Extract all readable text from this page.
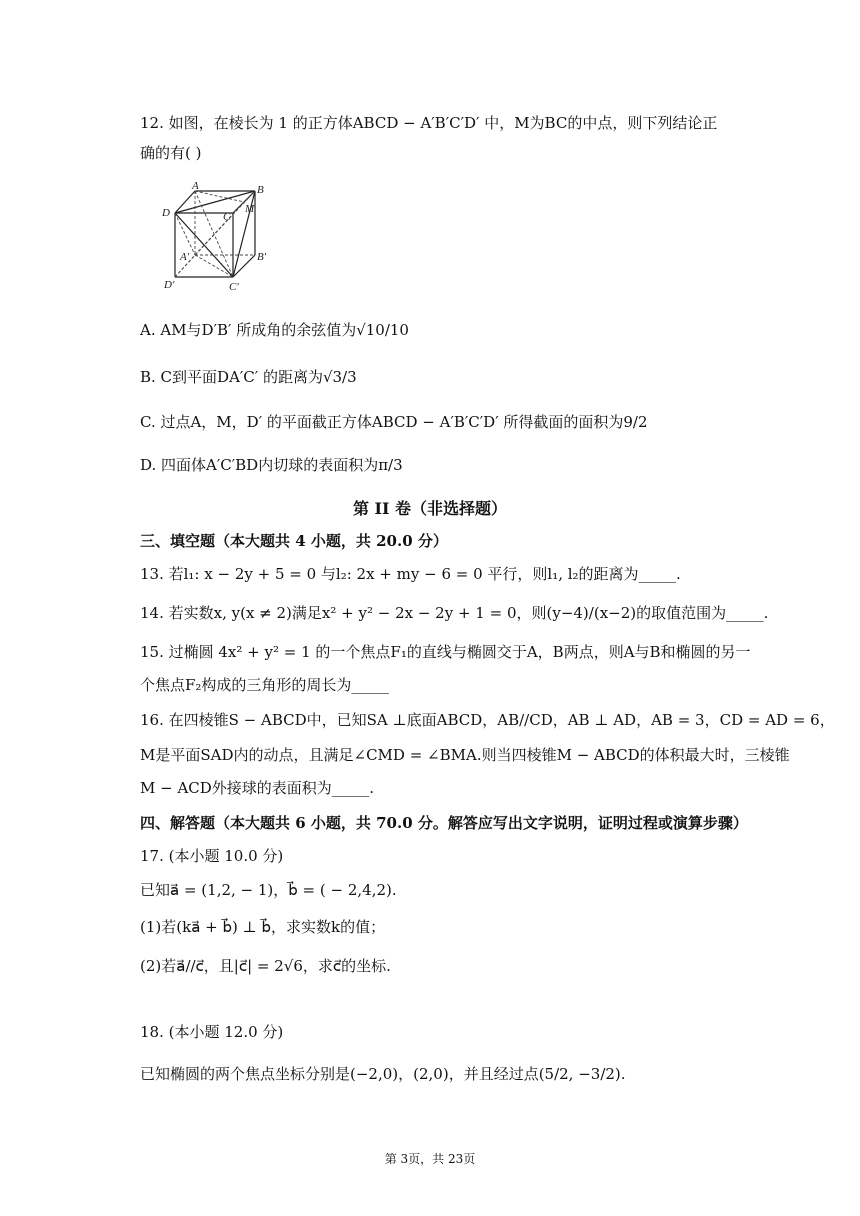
12. 如图，在棱长为 1 的正方体ABCD − A′B′C′D′ 中，M为BC的中点，则下列结论正
确的有( )
A	B
C
D	M
A′	B′
C′
D′
A. AM与D′B′ 所成角的余弦值为√10/10
B. C到平面DA′C′ 的距离为√3/3
C. 过点A，M，D′ 的平面截正方体ABCD − A′B′C′D′ 所得截面的面积为9/2
D. 四面体A′C′BD内切球的表面积为π/3
第 II 卷（非选择题）
三、填空题（本大题共 4 小题，共 20.0 分）
13. 若l₁: x − 2y + 5 = 0 与l₂: 2x + my − 6 = 0 平行，则l₁, l₂的距离为_____.
14. 若实数x, y(x ≠ 2)满足x² + y² − 2x − 2y + 1 = 0，则(y−4)/(x−2)的取值范围为_____.
15. 过椭圆 4x² + y² = 1 的一个焦点F₁的直线与椭圆交于A，B两点，则A与B和椭圆的另一
个焦点F₂构成的三角形的周长为_____
16. 在四棱锥S − ABCD中，已知SA ⊥底面ABCD，AB//CD，AB ⊥ AD，AB = 3，CD = AD = 6，
M是平面SAD内的动点，且满足∠CMD = ∠BMA.则当四棱锥M − ABCD的体积最大时，三棱锥
M − ACD外接球的表面积为_____.
四、解答题（本大题共 6 小题，共 70.0 分。解答应写出文字说明，证明过程或演算步骤）
17. (本小题 10.0 分)
已知a⃗ = (1,2, − 1)，b⃗ = ( − 2,4,2).
(1)若(ka⃗ + b⃗) ⊥ b⃗，求实数k的值；
(2)若a⃗//c⃗，且|c⃗| = 2√6，求c⃗的坐标.
18. (本小题 12.0 分)
已知椭圆的两个焦点坐标分别是(−2,0)，(2,0)，并且经过点(5/2, −3/2).
第 3页，共 23页
